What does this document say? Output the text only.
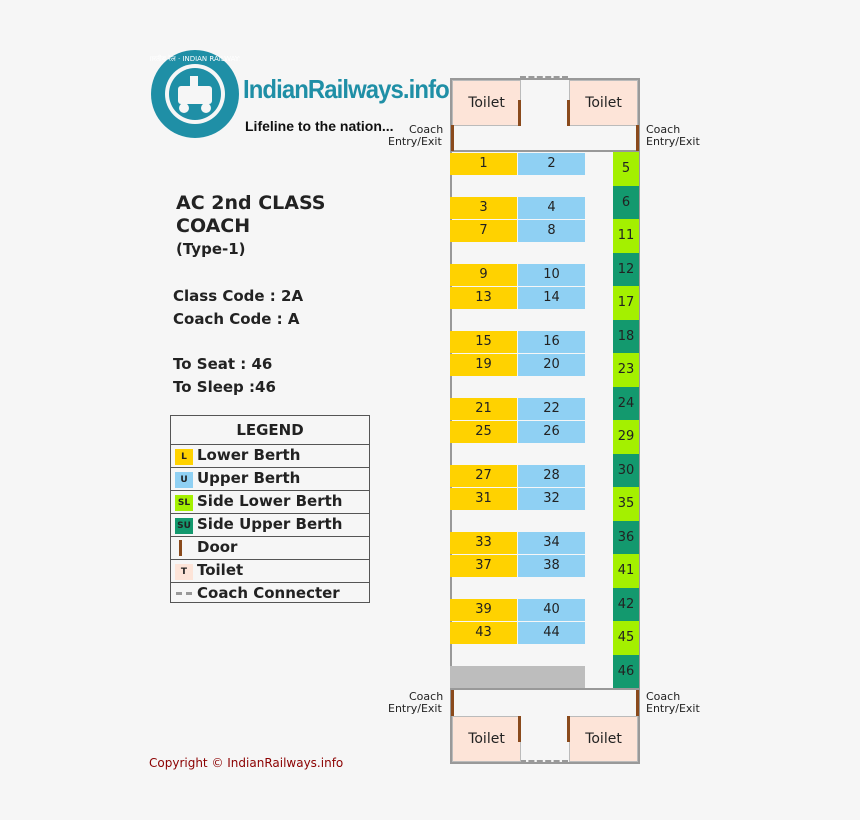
भारतीय रेल · INDIAN RAILWAYS
IndianRailways.info
Lifeline to the nation...
AC 2nd CLASS
COACH
(Type-1)
Class Code : 2A
Coach Code : A
To Seat : 46
To Sleep :46
LEGEND
L Lower Berth
U Upper Berth
SL Side Lower Berth
SU Side Upper Berth
Door
T Toilet
Coach Connecter
Toilet	Toilet
Toilet	Toilet
Coach
Entry/Exit
Coach
Entry/Exit
Coach
Entry/Exit
Coach
Entry/Exit
1
3
7
9
13
15
19
21
25
27
31
33
37
39
43
2
4
8
10
14
16
20
22
26
28
32
34
38
40
44
5
6
11
12
17
18
23
24
29
30
35
36
41
42
45
46
Copyright © IndianRailways.info
